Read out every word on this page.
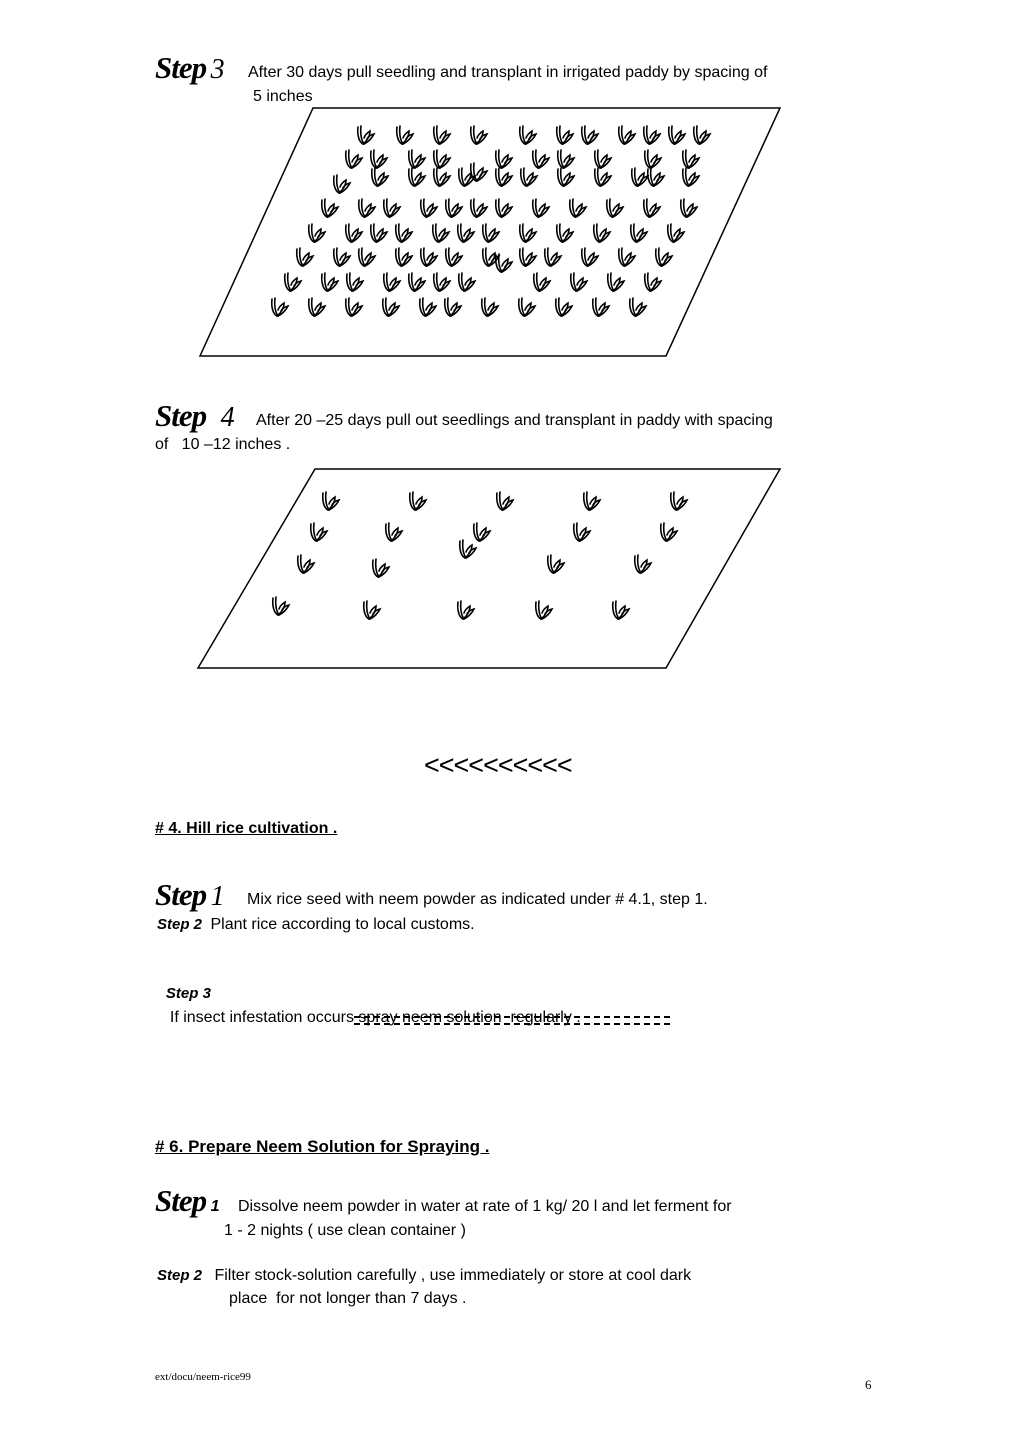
Step 3 After 30 days pull seedling and transplant in irrigated paddy by spacing of
5 inches
Step 4 After 20 –25 days pull out seedlings and transplant in paddy with spacing
of   10 –12 inches .
<<<<<<<<<<
# 4. Hill rice cultivation .
Step 1 Mix rice seed with neem powder as indicated under # 4.1, step 1.
Step 2 Plant rice according to local customs.

Step 3
If insect infestation occurs spray neem solution  regularly .

# 6. Prepare Neem Solution for Spraying .
Step 1 Dissolve neem powder in water at rate of 1 kg/ 20 l and let ferment for
1 - 2 nights ( use clean container )
Step 2 Filter stock-solution carefully , use immediately or store at cool dark
place  for not longer than 7 days .
ext/docu/neem-rice99	6
